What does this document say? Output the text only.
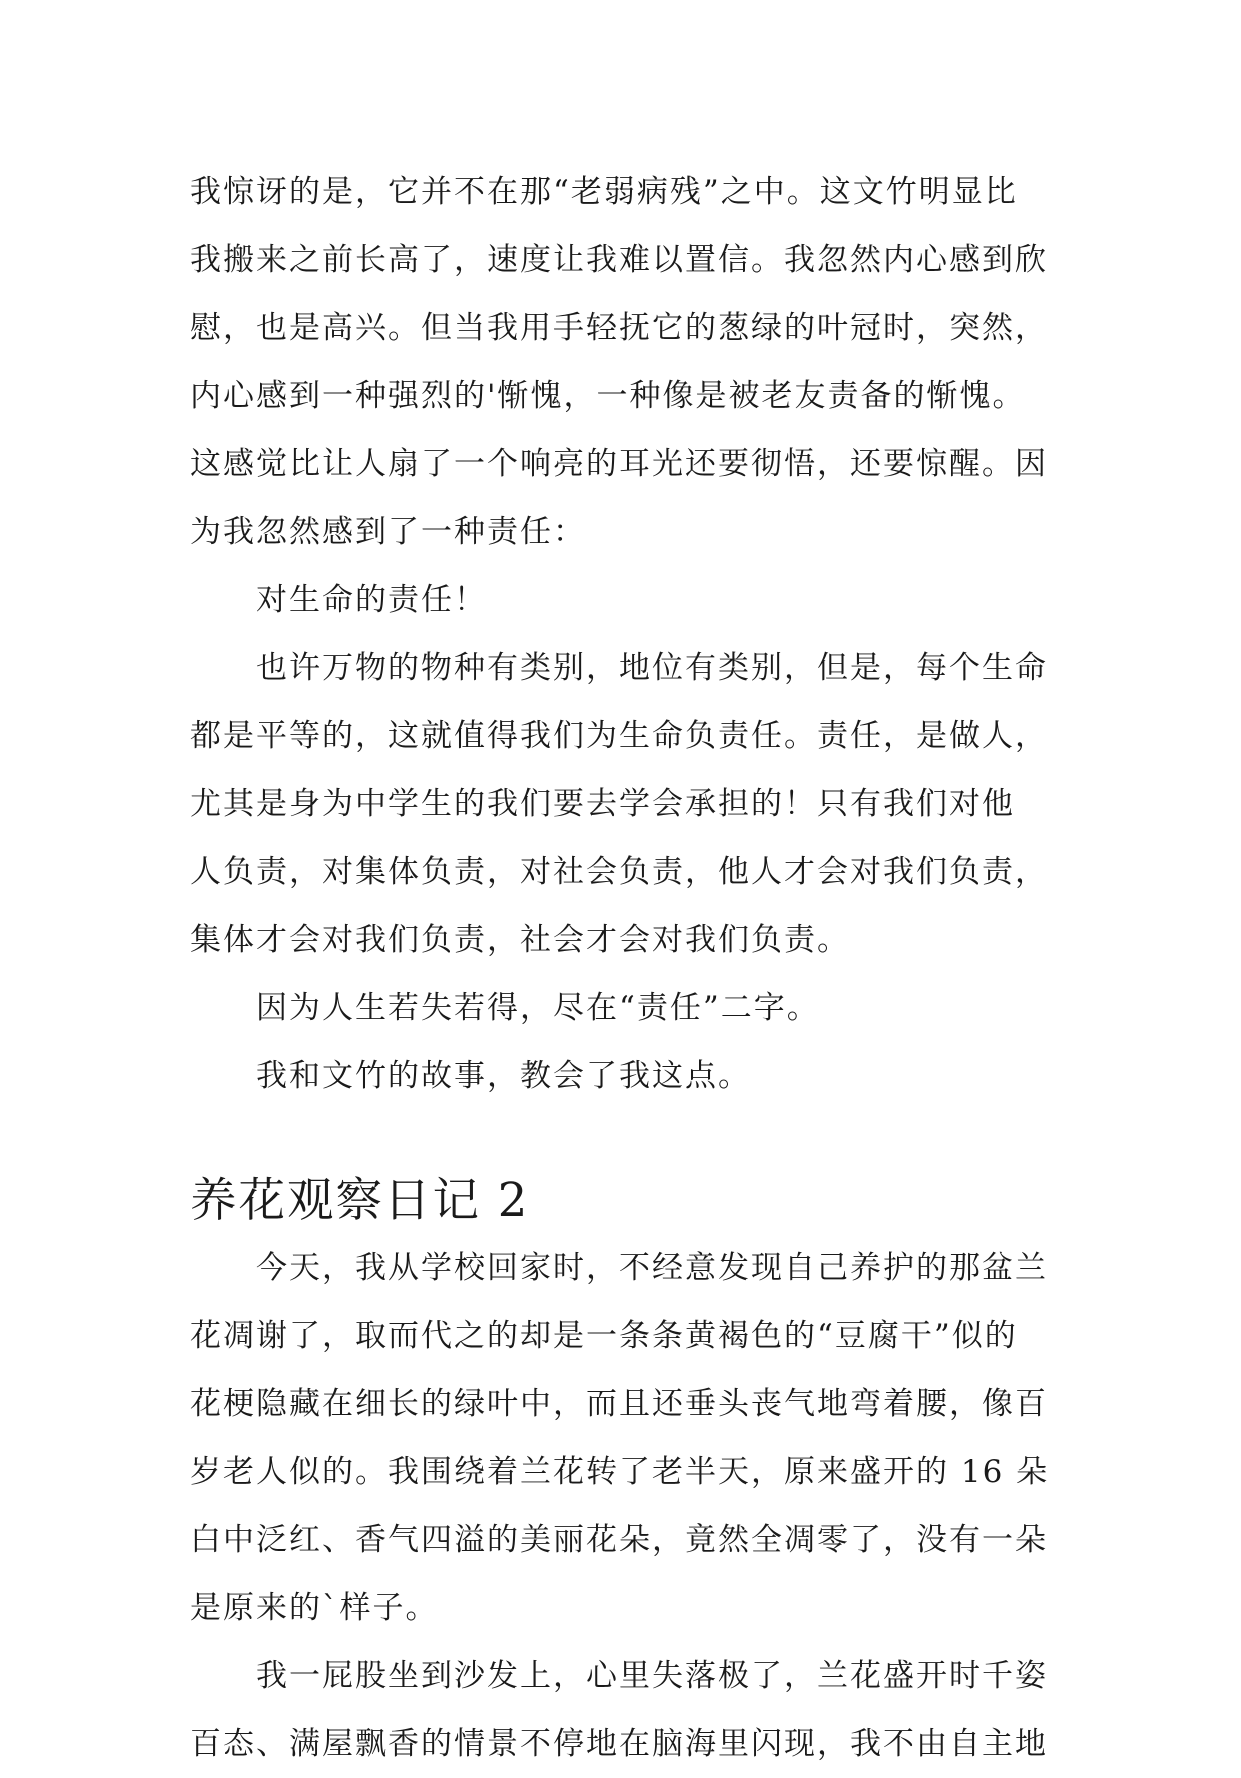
我惊讶的是，它并不在那“老弱病残”之中。这文竹明显比
我搬来之前长高了，速度让我难以置信。我忽然内心感到欣
慰，也是高兴。但当我用手轻抚它的葱绿的叶冠时，突然，
内心感到一种强烈的'惭愧，一种像是被老友责备的惭愧。
这感觉比让人扇了一个响亮的耳光还要彻悟，还要惊醒。因
为我忽然感到了一种责任：

对生命的责任！

也许万物的物种有类别，地位有类别，但是，每个生命
都是平等的，这就值得我们为生命负责任。责任，是做人，
尤其是身为中学生的我们要去学会承担的！只有我们对他
人负责，对集体负责，对社会负责，他人才会对我们负责，
集体才会对我们负责，社会才会对我们负责。

因为人生若失若得，尽在“责任”二字。

我和文竹的故事，教会了我这点。

养花观察日记 2

今天，我从学校回家时，不经意发现自己养护的那盆兰
花凋谢了，取而代之的却是一条条黄褐色的“豆腐干”似的
花梗隐藏在细长的绿叶中，而且还垂头丧气地弯着腰，像百
岁老人似的。我围绕着兰花转了老半天，原来盛开的 16 朵
白中泛红、香气四溢的美丽花朵，竟然全凋零了，没有一朵
是原来的`样子。

我一屁股坐到沙发上，心里失落极了，兰花盛开时千姿
百态、满屋飘香的情景不停地在脑海里闪现，我不由自主地
